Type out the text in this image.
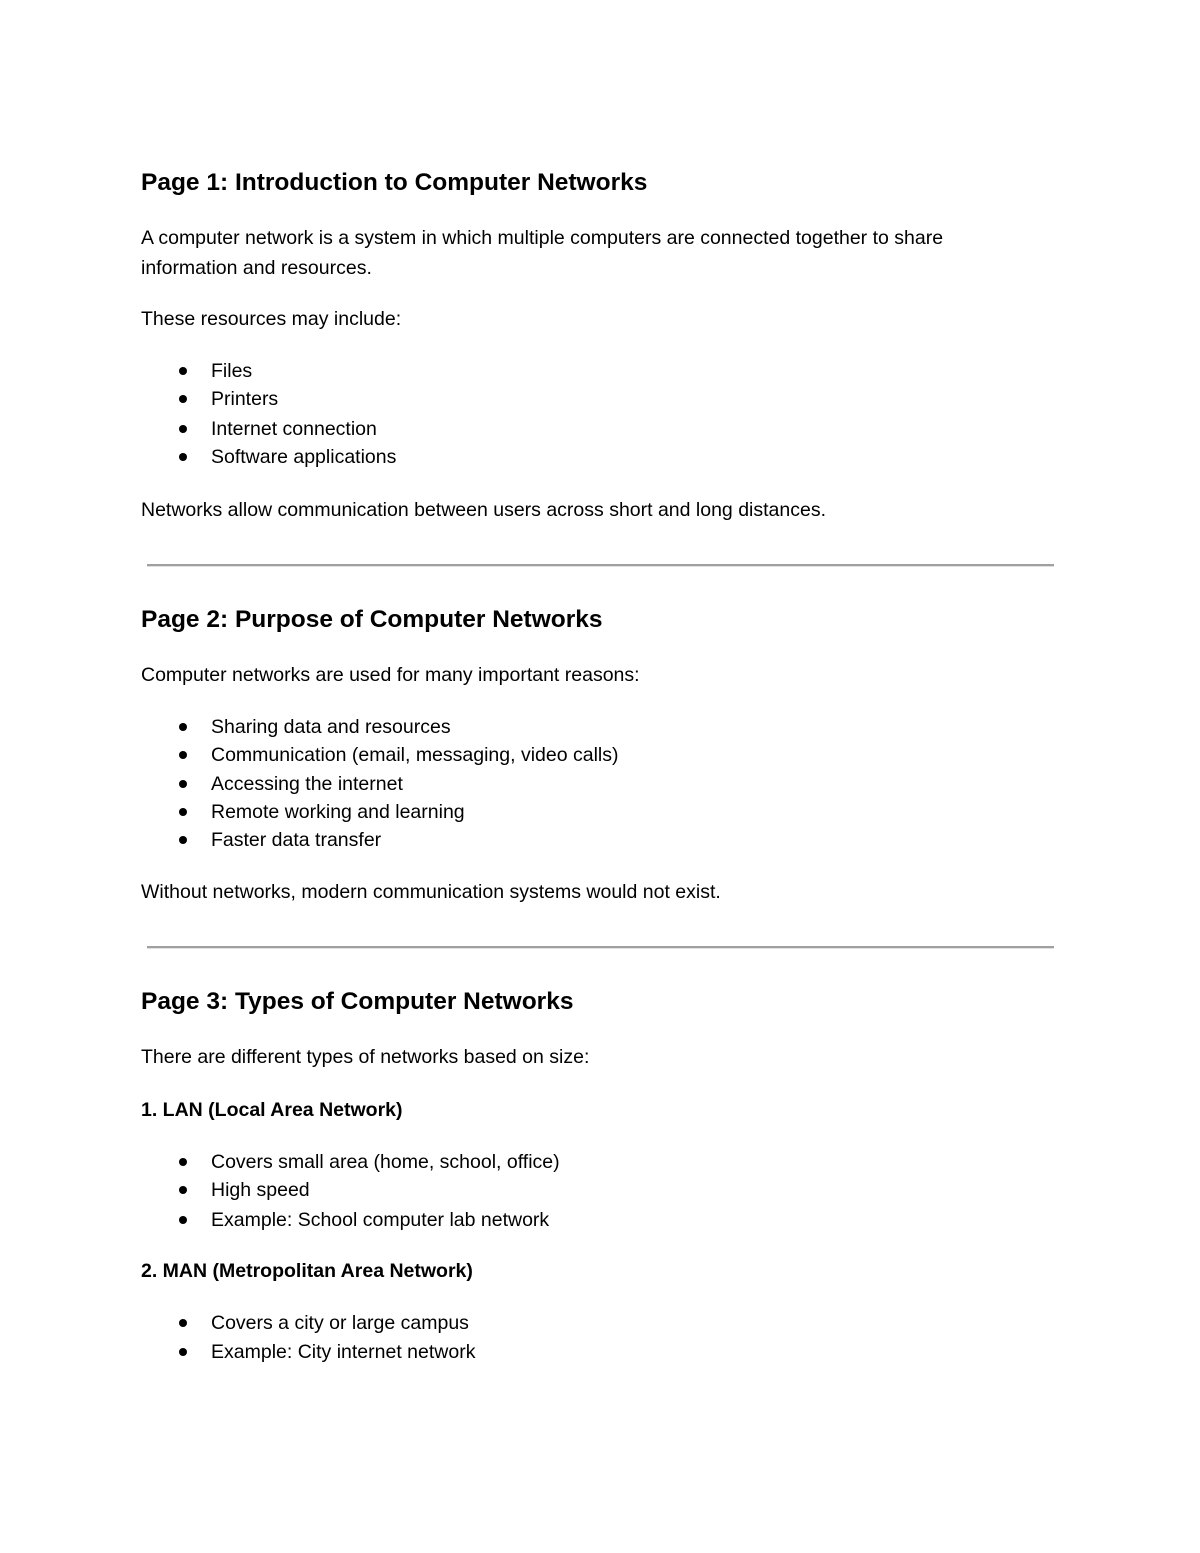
Page 1: Introduction to Computer Networks

A computer network is a system in which multiple computers are connected together to share

information and resources.

These resources may include:

Files
Printers
Internet connection
Software applications

Networks allow communication between users across short and long distances.

Page 2: Purpose of Computer Networks

Computer networks are used for many important reasons:

Sharing data and resources
Communication (email, messaging, video calls)
Accessing the internet
Remote working and learning
Faster data transfer

Without networks, modern communication systems would not exist.

Page 3: Types of Computer Networks

There are different types of networks based on size:

1. LAN (Local Area Network)
Covers small area (home, school, office)
High speed
Example: School computer lab network
2. MAN (Metropolitan Area Network)
Covers a city or large campus
Example: City internet network
